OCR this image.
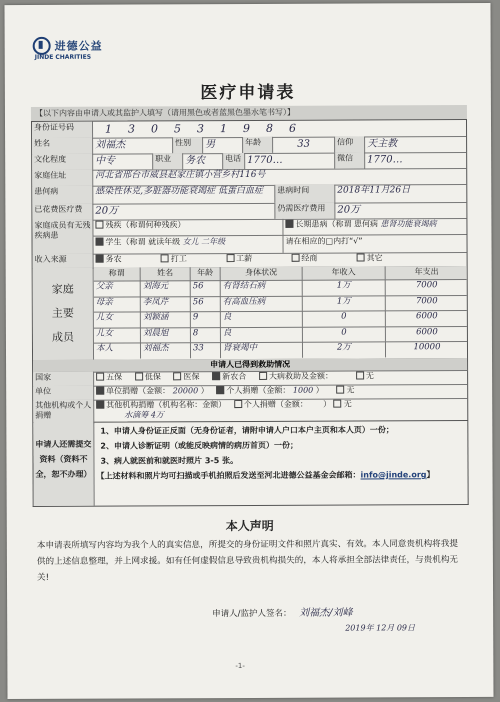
进德公益
JINDE CHARITIES
医疗申请表
【以下内容由申请人或其监护人填写（请用黑色或者蓝黑色墨水笔书写）】
身份证号码	130531986
姓名	刘福杰	性别	男	年龄	33	信仰	天主教
文化程度	中专	职业	务农	电话 1770…	微信	1770…
家庭住址	河北省邢台市威县赵家庄镇小营乡村116号
患何病	感染性休克,多脏器功能衰竭症 低蛋白血症	患病时间	2018年11月26日
已花费医疗费	20万	仍需医疗费用	20万
家庭成员有无残疾病患
残疾（称谓何种残疾）	长期患病（称谓 患何病 患肾功能衰竭病
学生（称谓 就读年级 女儿 二年级	请在相应的□内打“√”
收入来源	务农	打工	工薪	经商	其它
家庭
主要
成员
称谓	姓名	年龄	身体状况	年收入	年支出
父亲	刘海元	56	有肾结石病	1万	7000
母亲	李凤芹	56	有高血压病	1万	7000
儿女	刘颖涵	9	良	0	6000
儿女	刘晨旭	8	良	0	6000
本人	刘福杰	33	肾衰竭中	2万	10000
申请人已得到救助情况
国家	五保	低保	医保	新农合	大病救助及金额：	无
单位	单位捐赠（金额： 20000 ）   个人捐赠（金额： 1000 ）     无
其他机构或个人捐赠
其他机构捐赠（机构名称：金额） 个人捐赠（金额：      ） 无
水滴筹 4万
申请人还需提交资料（资料不全，恕不办理）
1、申请人身份证正反面（无身份证者，请附申请人户口本户主页和本人页）一份；
2、申请人诊断证明（或能反映病情的病历首页）一份；
3、病人就医前和就医时照片 3-5 张。
【上述材料和照片均可扫描或手机拍照后发送至河北进德公益基金会邮箱：info@jinde.org】
本人声明
本申请表所填写内容均为我个人的真实信息，所提交的身份证明文件和照片真实、有效。本人同意贵机构将我提供的上述信息整理，并上网求援。如有任何虚假信息导致贵机构损失的，本人将承担全部法律责任，与贵机构无关!
申请人/监护人签名： 刘福杰/刘峰
2019年 12月 09日
-1-
